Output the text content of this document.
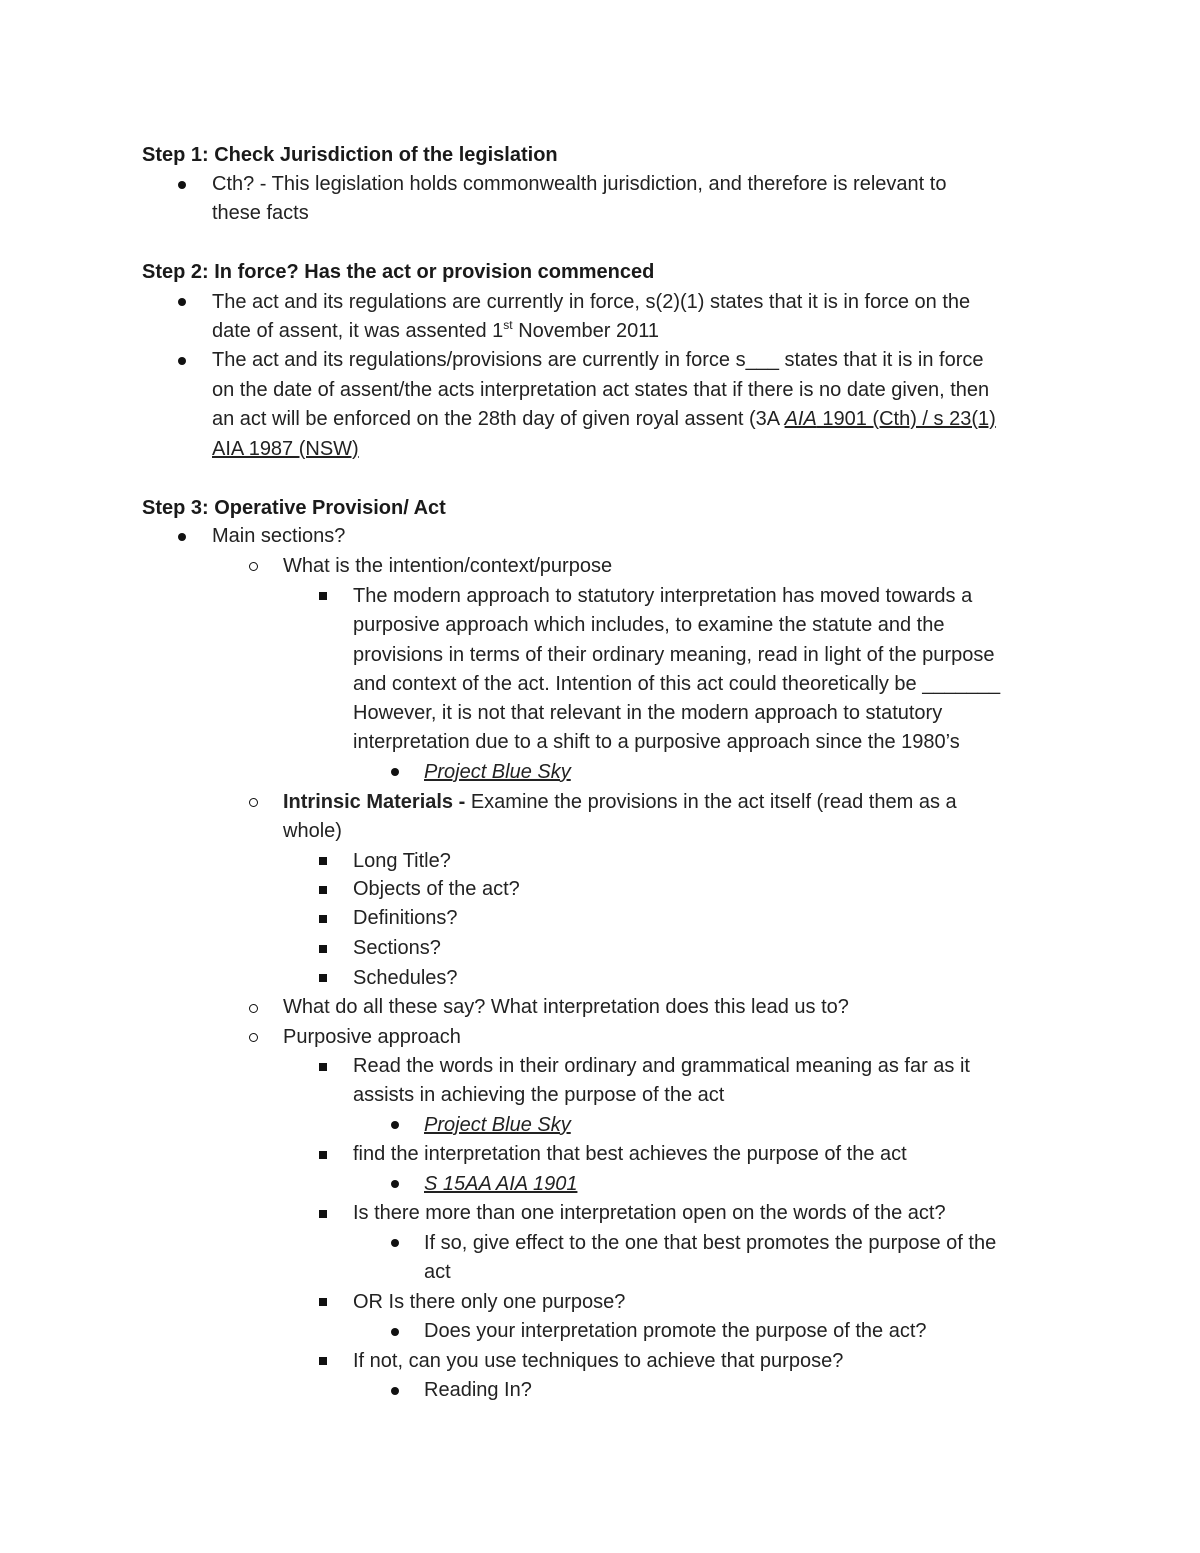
Step 1: Check Jurisdiction of the legislation
Cth? - This legislation holds commonwealth jurisdiction, and therefore is relevant to
these facts
Step 2: In force? Has the act or provision commenced
The act and its regulations are currently in force, s(2)(1) states that it is in force on the
date of assent, it was assented 1st November 2011
The act and its regulations/provisions are currently in force s___ states that it is in force
on the date of assent/the acts interpretation act states that if there is no date given, then
an act will be enforced on the 28th day of given royal assent (3A AIA 1901 (Cth) / s 23(1)
AIA 1987 (NSW)
Step 3: Operative Provision/ Act
Main sections?
What is the intention/context/purpose
The modern approach to statutory interpretation has moved towards a
purposive approach which includes, to examine the statute and the
provisions in terms of their ordinary meaning, read in light of the purpose
and context of the act. Intention of this act could theoretically be _______
However, it is not that relevant in the modern approach to statutory
interpretation due to a shift to a purposive approach since the 1980’s
Project Blue Sky
Intrinsic Materials - Examine the provisions in the act itself (read them as a
whole)
Long Title?
Objects of the act?
Definitions?
Sections?
Schedules?
What do all these say? What interpretation does this lead us to?
Purposive approach
Read the words in their ordinary and grammatical meaning as far as it
assists in achieving the purpose of the act
Project Blue Sky
find the interpretation that best achieves the purpose of the act
S 15AA AIA 1901
Is there more than one interpretation open on the words of the act?
If so, give effect to the one that best promotes the purpose of the
act
OR Is there only one purpose?
Does your interpretation promote the purpose of the act?
If not, can you use techniques to achieve that purpose?
Reading In?
